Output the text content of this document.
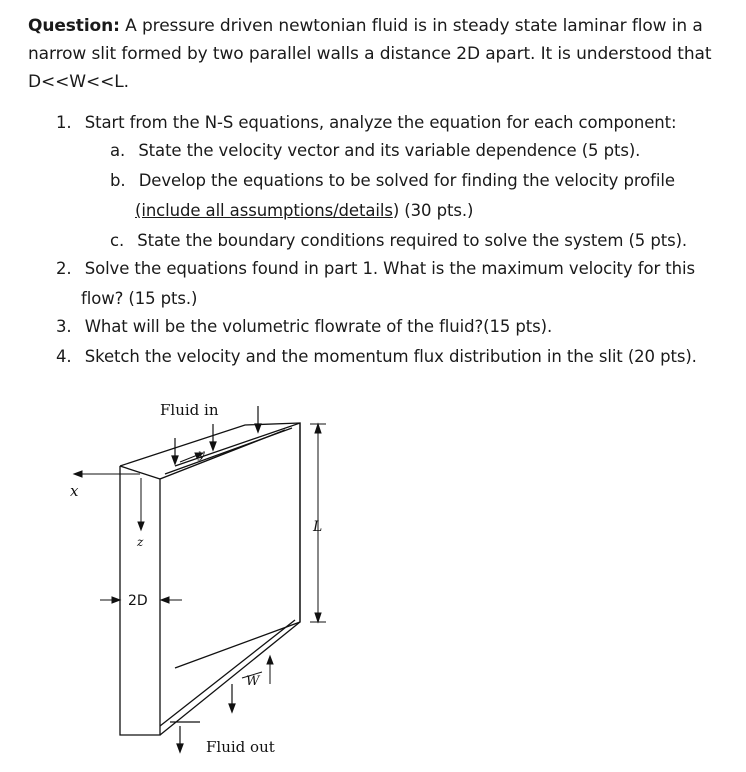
Question: A pressure driven newtonian fluid is in steady state laminar flow in a narrow slit formed by two parallel walls a distance 2D apart. It is understood that D<<W<<L.
1. Start from the N-S equations, analyze the equation for each component:
a. State the velocity vector and its variable dependence (5 pts).
b. Develop the equations to be solved for finding the velocity profile
(include all assumptions/details) (30 pts.)
c. State the boundary conditions required to solve the system (5 pts).
2. Solve the equations found in part 1. What is the maximum velocity for this
flow? (15 pts.)
3. What will be the volumetric flowrate of the fluid?(15 pts).
4. Sketch the velocity and the momentum flux distribution in the slit (20 pts).
Fluid in
Fluid out
x
y
z
2D
L
W
